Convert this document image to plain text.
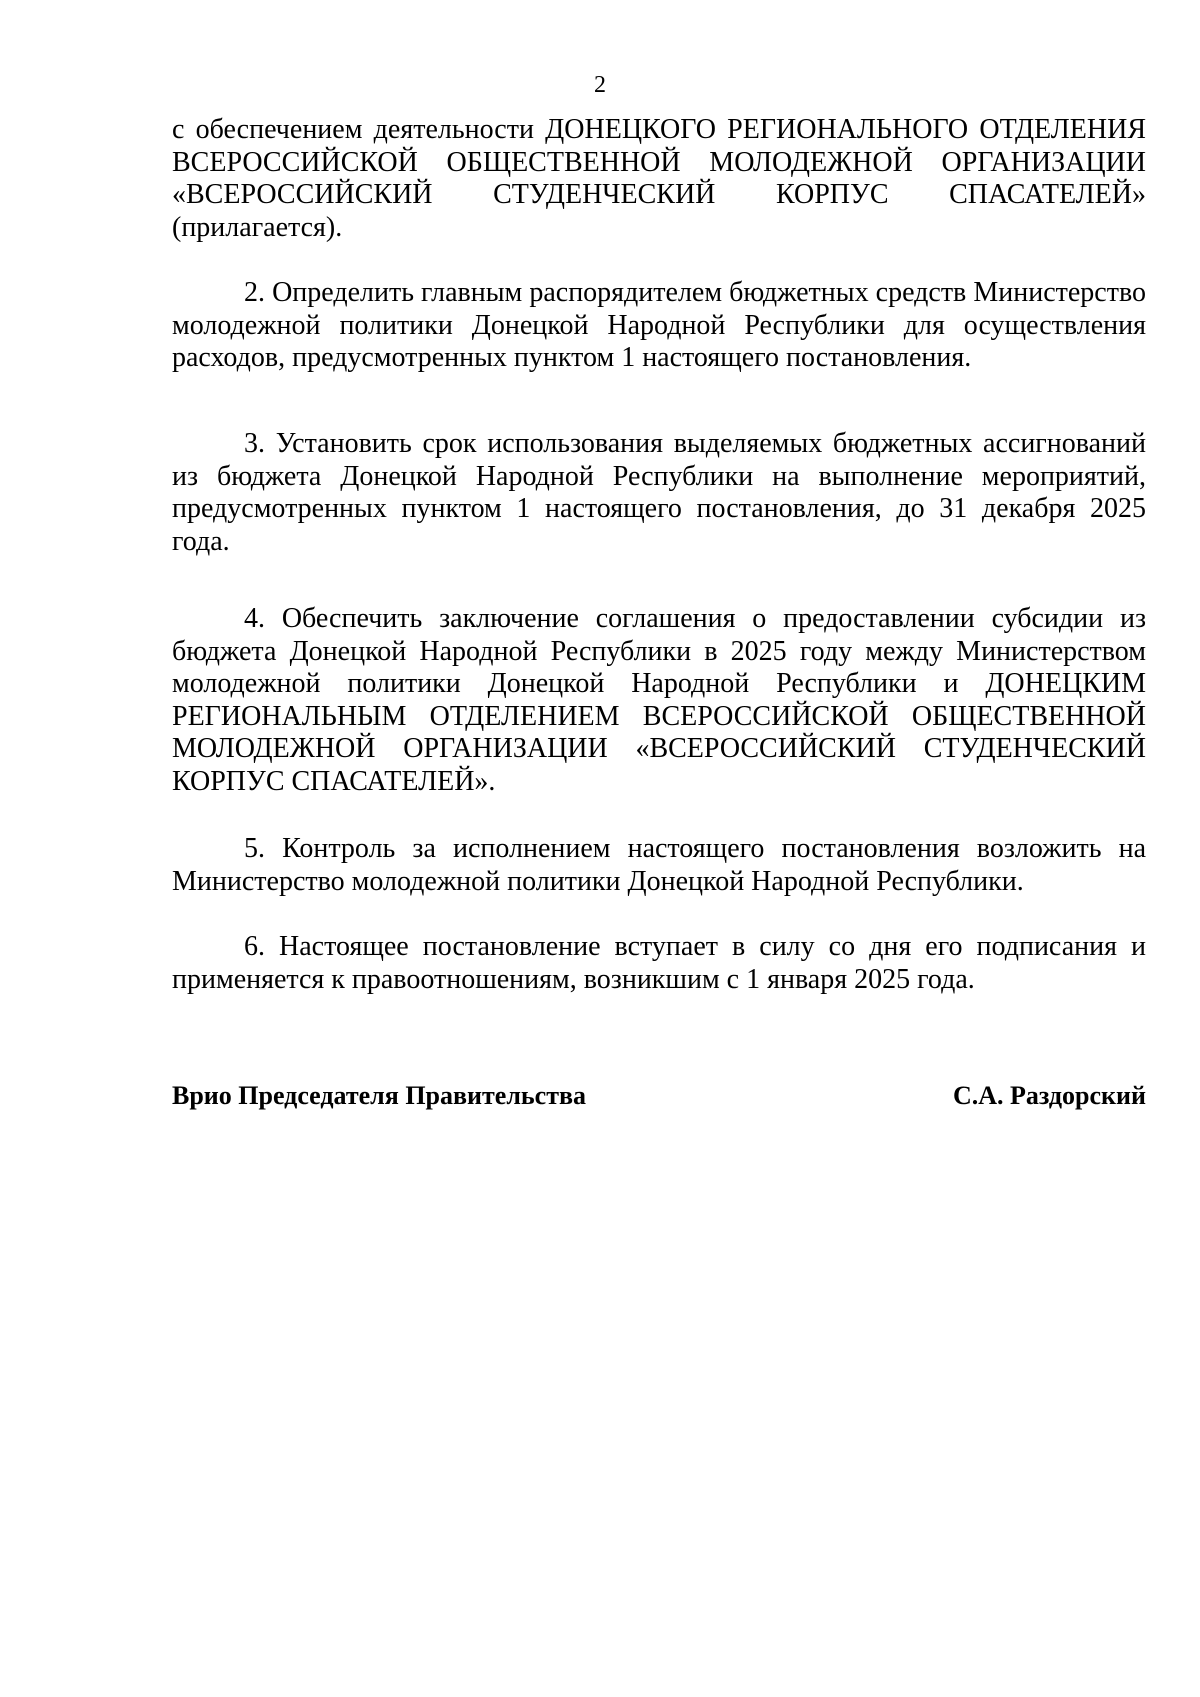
2

с обеспечением деятельности ДОНЕЦКОГО РЕГИОНАЛЬНОГО ОТДЕЛЕНИЯ ВСЕРОССИЙСКОЙ ОБЩЕСТВЕННОЙ МОЛОДЕЖНОЙ ОРГАНИЗАЦИИ «ВСЕРОССИЙСКИЙ СТУДЕНЧЕСКИЙ КОРПУС СПАСАТЕЛЕЙ» (прилагается).

2. Определить главным распорядителем бюджетных средств Министерство молодежной политики Донецкой Народной Республики для осуществления расходов, предусмотренных пунктом 1 настоящего постановления.

3. Установить срок использования выделяемых бюджетных ассигнований из бюджета Донецкой Народной Республики на выполнение мероприятий, предусмотренных пунктом 1 настоящего постановления, до 31 декабря 2025 года.

4. Обеспечить заключение соглашения о предоставлении субсидии из бюджета Донецкой Народной Республики в 2025 году между Министерством молодежной политики Донецкой Народной Республики и ДОНЕЦКИМ РЕГИОНАЛЬНЫМ ОТДЕЛЕНИЕМ ВСЕРОССИЙСКОЙ ОБЩЕСТВЕННОЙ МОЛОДЕЖНОЙ ОРГАНИЗАЦИИ «ВСЕРОССИЙСКИЙ СТУДЕНЧЕСКИЙ КОРПУС СПАСАТЕЛЕЙ».

5. Контроль за исполнением настоящего постановления возложить на Министерство молодежной политики Донецкой Народной Республики.

6. Настоящее постановление вступает в силу со дня его подписания и применяется к правоотношениям, возникшим с 1 января 2025 года.

Врио Председателя Правительства	С.А. Раздорский
